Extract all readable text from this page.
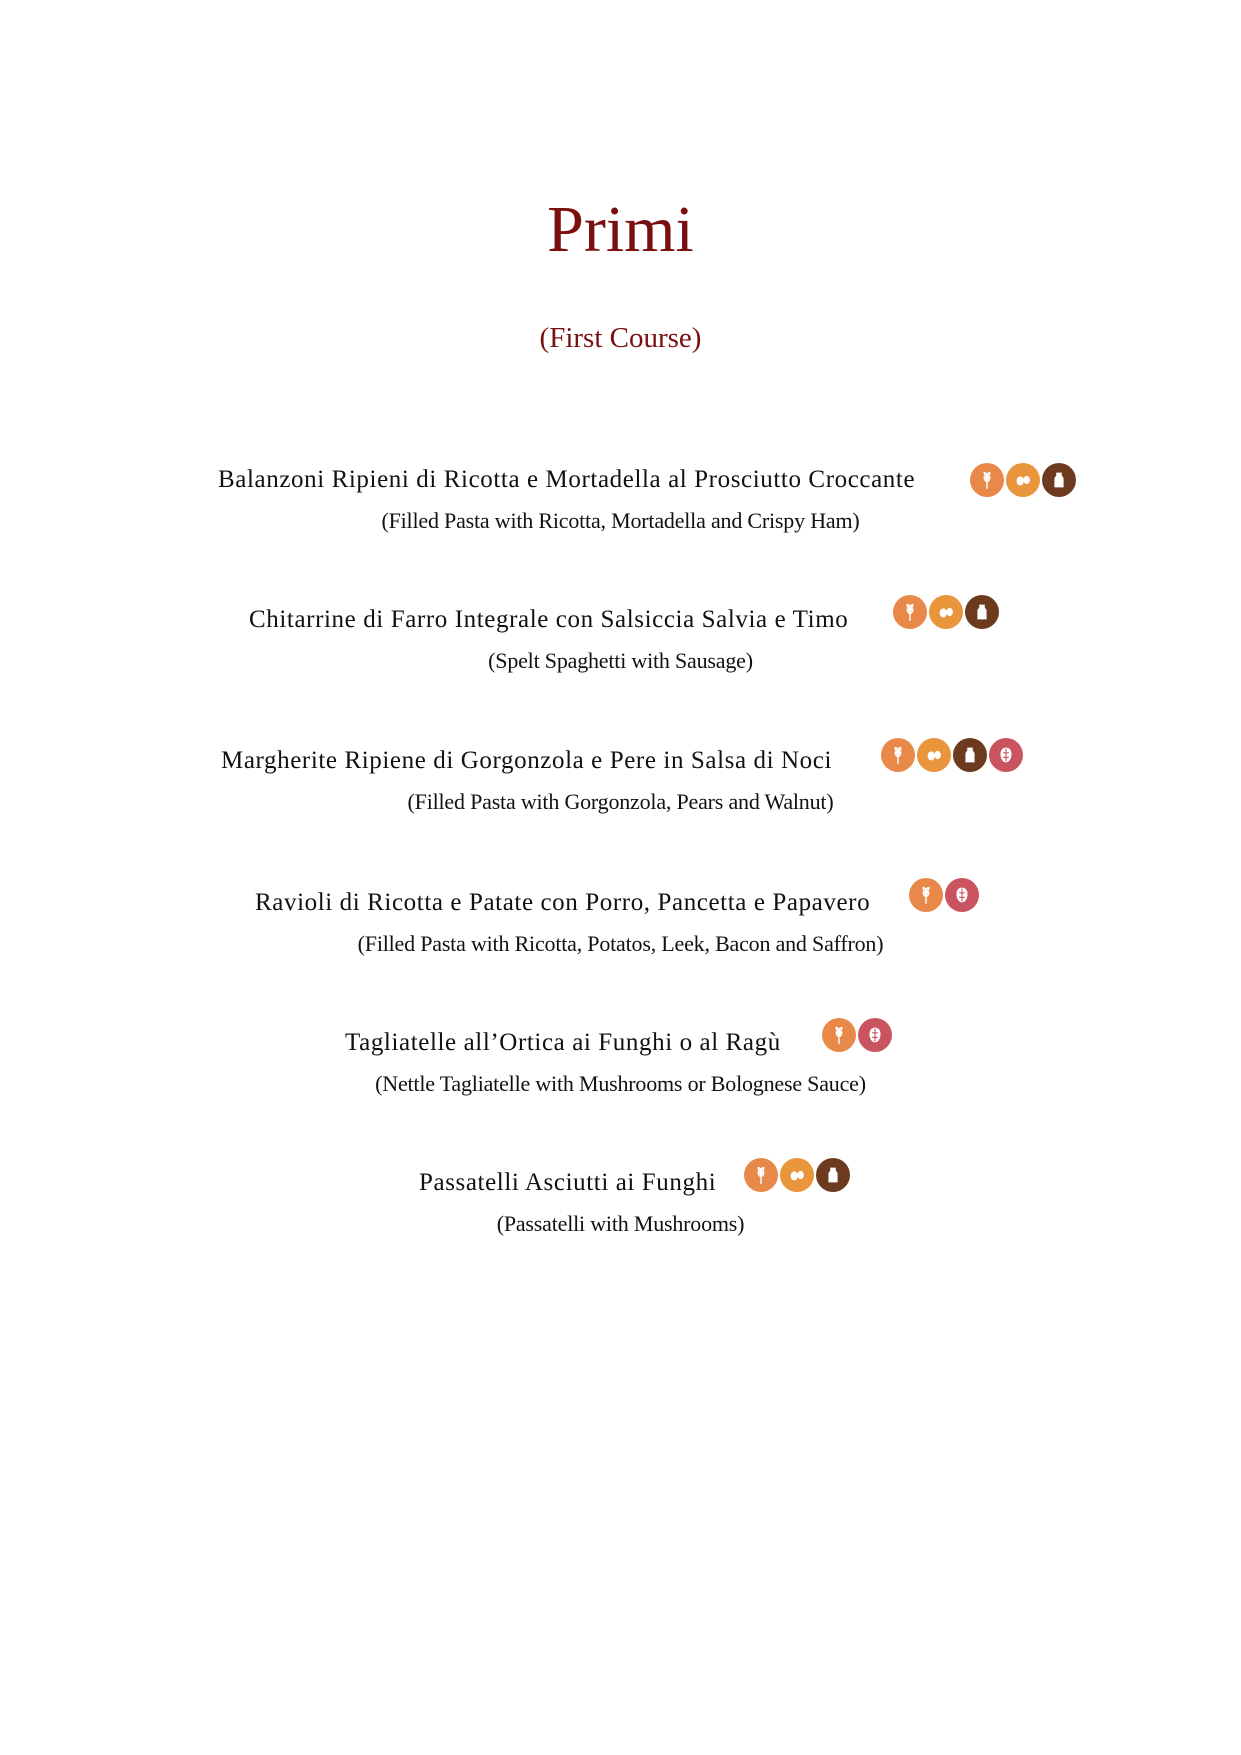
Primi
(First Course)
Balanzoni Ripieni di Ricotta e Mortadella al Prosciutto Croccante
(Filled Pasta with Ricotta, Mortadella and Crispy Ham)
Chitarrine di Farro Integrale con Salsiccia Salvia e Timo
(Spelt Spaghetti with Sausage)
Margherite Ripiene di Gorgonzola e Pere in Salsa di Noci
(Filled Pasta with Gorgonzola, Pears and Walnut)
Ravioli di Ricotta e Patate con Porro, Pancetta e Papavero
(Filled Pasta with Ricotta, Potatos, Leek, Bacon and Saffron)
Tagliatelle all’Ortica ai Funghi o al Ragù
(Nettle Tagliatelle with Mushrooms or Bolognese Sauce)
Passatelli Asciutti ai Funghi
(Passatelli with Mushrooms)
